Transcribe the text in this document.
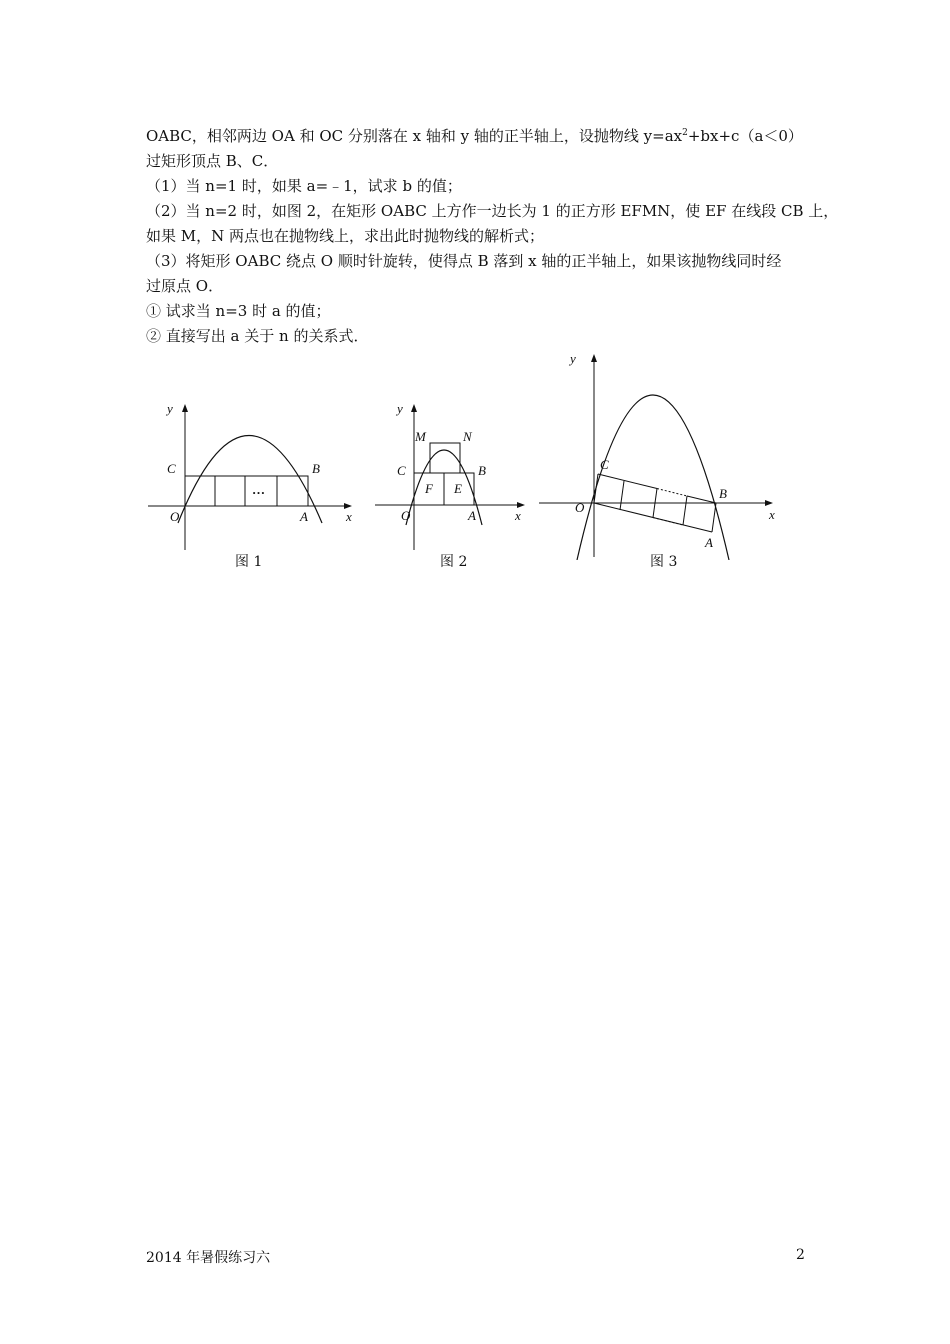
OABC，相邻两边 OA 和 OC 分别落在 x 轴和 y 轴的正半轴上，设抛物线 $y=ax^2+bx+c(a<0)$
过矩形顶点 B、C．
（1）当 n=1 时，如果 a=﹣1，试求 b 的值；
（2）当 n=2 时，如图 2，在矩形 OABC 上方作一边长为 1 的正方形 EFMN，使 EF 在线段 CB 上，
如果 M，N 两点也在抛物线上，求出此时抛物线的解析式；
（3）将矩形 OABC 绕点 O 顺时针旋转，使得点 B 落到 x 轴的正半轴上，如果该抛物线同时经
过原点 O．
① 试求当 n=3 时 a 的值；
② 直接写出 a 关于 n 的关系式．
…
y
x
C	B
O	A
图 1
y
x
M	N
C	B
F E
O	A
图 2
y
x
C
B
O
A
图 3
2014 年暑假练习六	2
